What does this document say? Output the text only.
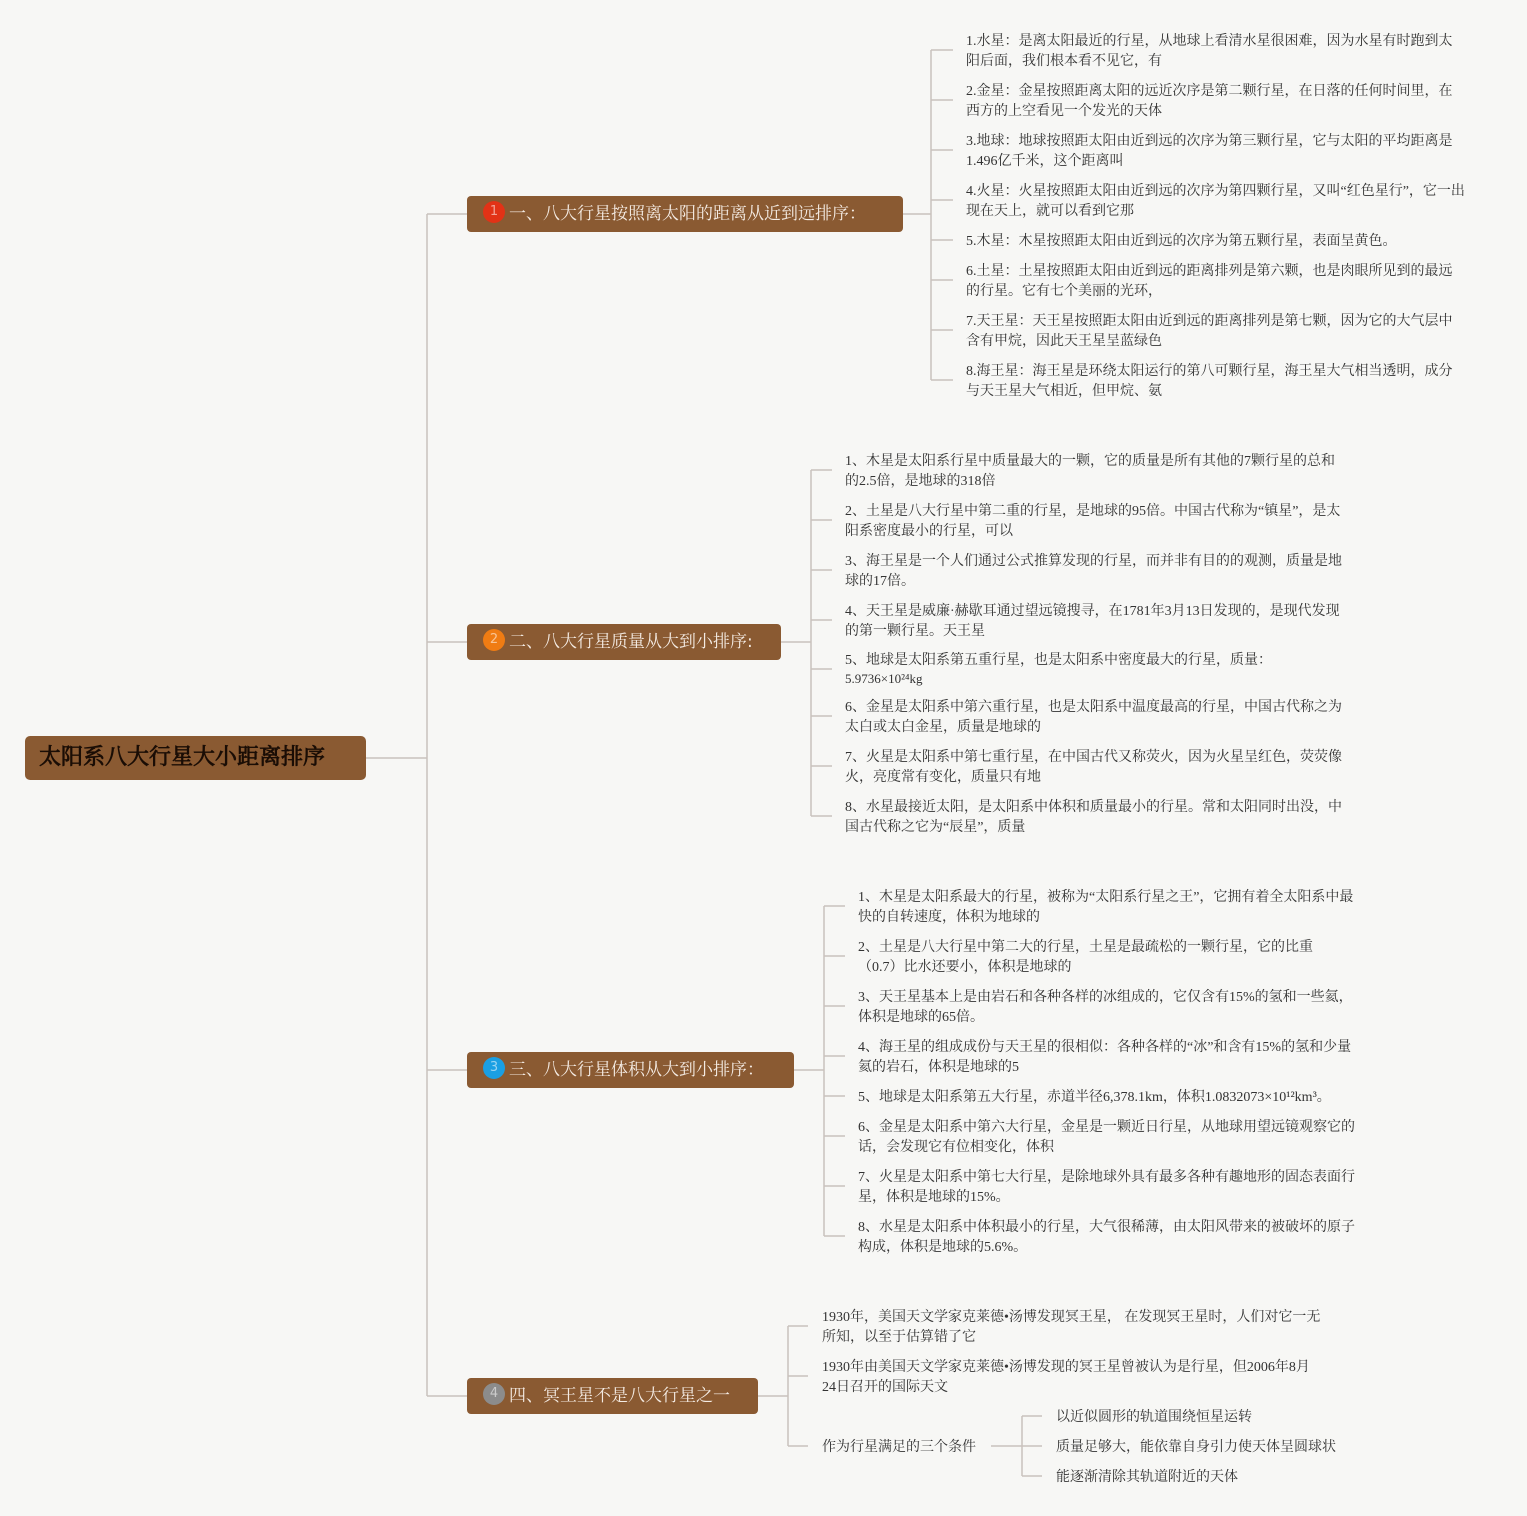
太阳系八大行星大小距离排序
1 一、八大行星按照离太阳的距离从近到远排序：
1.水星：是离太阳最近的行星，从地球上看清水星很困难，因为水星有时跑到太
阳后面，我们根本看不见它，有
2.金星：金星按照距离太阳的远近次序是第二颗行星，在日落的任何时间里，在
西方的上空看见一个发光的天体
3.地球：地球按照距太阳由近到远的次序为第三颗行星，它与太阳的平均距离是
1.496亿千米，这个距离叫
4.火星：火星按照距太阳由近到远的次序为第四颗行星，又叫“红色星行”，它一出
现在天上，就可以看到它那
5.木星：木星按照距太阳由近到远的次序为第五颗行星，表面呈黄色。
6.土星：土星按照距太阳由近到远的距离排列是第六颗，也是肉眼所见到的最远
的行星。它有七个美丽的光环，
7.天王星：天王星按照距太阳由近到远的距离排列是第七颗，因为它的大气层中
含有甲烷，因此天王星呈蓝绿色
8.海王星：海王星是环绕太阳运行的第八可颗行星，海王星大气相当透明，成分
与天王星大气相近，但甲烷、氨
2 二、八大行星质量从大到小排序:
1、木星是太阳系行星中质量最大的一颗，它的质量是所有其他的7颗行星的总和
的2.5倍，是地球的318倍
2、土星是八大行星中第二重的行星，是地球的95倍。中国古代称为“镇星”，是太
阳系密度最小的行星，可以
3、海王星是一个人们通过公式推算发现的行星，而并非有目的的观测，质量是地
球的17倍。
4、天王星是威廉·赫歇耳通过望远镜搜寻，在1781年3月13日发现的，是现代发现
的第一颗行星。天王星
5、地球是太阳系第五重行星，也是太阳系中密度最大的行星，质量：
5.9736×10²⁴kg
6、金星是太阳系中第六重行星，也是太阳系中温度最高的行星，中国古代称之为
太白或太白金星，质量是地球的
7、火星是太阳系中第七重行星，在中国古代又称荧火，因为火星呈红色，荧荧像
火，亮度常有变化，质量只有地
8、水星最接近太阳，是太阳系中体积和质量最小的行星。常和太阳同时出没，中
国古代称之它为“辰星”，质量
3 三、八大行星体积从大到小排序：
1、木星是太阳系最大的行星，被称为“太阳系行星之王”，它拥有着全太阳系中最
快的自转速度，体积为地球的
2、土星是八大行星中第二大的行星，土星是最疏松的一颗行星，它的比重
（0.7）比水还要小，体积是地球的
3、天王星基本上是由岩石和各种各样的冰组成的，它仅含有15%的氢和一些氦，
体积是地球的65倍。
4、海王星的组成成份与天王星的很相似：各种各样的“冰”和含有15%的氢和少量
氦的岩石，体积是地球的5
5、地球是太阳系第五大行星，赤道半径6,378.1km，体积1.0832073×10¹²km³。
6、金星是太阳系中第六大行星，金星是一颗近日行星，从地球用望远镜观察它的
话，会发现它有位相变化，体积
7、火星是太阳系中第七大行星，是除地球外具有最多各种有趣地形的固态表面行
星，体积是地球的15%。
8、水星是太阳系中体积最小的行星，大气很稀薄，由太阳风带来的被破坏的原子
构成，体积是地球的5.6%。
4 四、冥王星不是八大行星之一
1930年，美国天文学家克莱德•汤博发现冥王星， 在发现冥王星时，人们对它一无
所知，以至于估算错了它
1930年由美国天文学家克莱德•汤博发现的冥王星曾被认为是行星，但2006年8月
24日召开的国际天文
作为行星满足的三个条件
以近似圆形的轨道围绕恒星运转
质量足够大，能依靠自身引力使天体呈圆球状
能逐渐清除其轨道附近的天体
